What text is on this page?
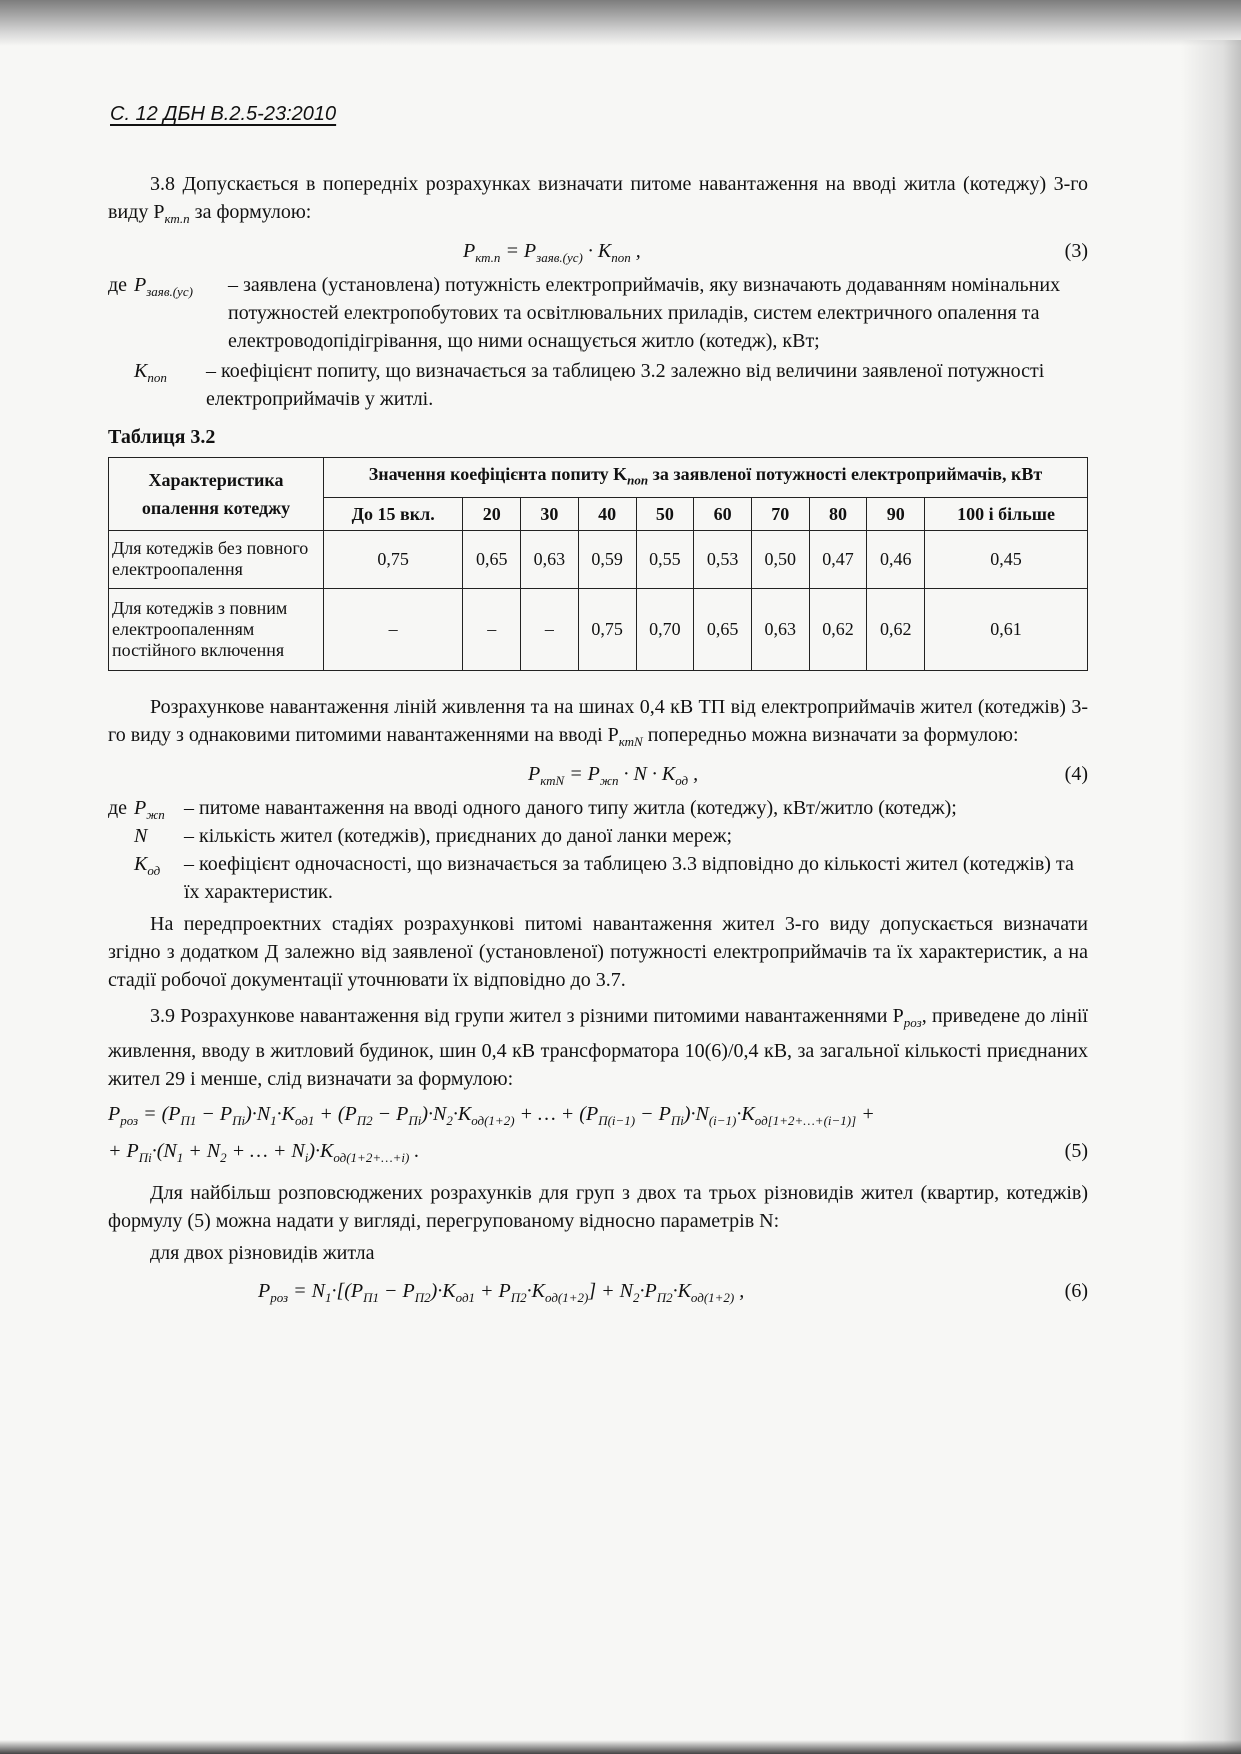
С. 12 ДБН В.2.5-23:2010

3.8 Допускається в попередніх розрахунках визначати питоме навантаження на вводі житла (котеджу) 3-го виду $P_{кт.п}$ за формулою:

$P_{кт.п} = P_{заяв.(ус)} \cdot K_{поп}$ ,	(3)
де $P_{заяв.(ус)}$ – заявлена (установлена) потужність електроприймачів, яку визначають додаванням номінальних потужностей електропобутових та освітлювальних приладів, систем електричного опалення та електроводопідігрівання, що ними оснащується житло (котедж), кВт;
$K_{поп}$ – коефіцієнт попиту, що визначається за таблицею 3.2 залежно від величини заявленої потужності електроприймачів у житлі.
Таблиця 3.2
Характеристика опалення котеджу	Значення коефіцієнта попиту $K_{поп}$ за заявленої потужності електроприймачів, кВт									
	До 15 вкл.	20	30	40	50	60	70	80	90	100 і більше
Для котеджів без повного електроопалення	0,75	0,65	0,63	0,59	0,55	0,53	0,50	0,47	0,46	0,45
Для котеджів з повним електроопаленням постійного включення	–	–	–	0,75	0,70	0,65	0,63	0,62	0,62	0,61

Розрахункове навантаження ліній живлення та на шинах 0,4 кВ ТП від електроприймачів жител (котеджів) 3-го виду з однаковими питомими навантаженнями на вводі $P_{ктN}$ попередньо можна визначати за формулою:

$P_{ктN} = P_{жп} \cdot N \cdot K_{од}$ ,	(4)
де $P_{жп}$ – питоме навантаження на вводі одного даного типу житла (котеджу), кВт/житло (котедж);
N – кількість жител (котеджів), приєднаних до даної ланки мереж;
$K_{од}$ – коефіцієнт одночасності, що визначається за таблицею 3.3 відповідно до кількості жител (котеджів) та їх характеристик.

На передпроектних стадіях розрахункові питомі навантаження жител 3-го виду допускається визначати згідно з додатком Д залежно від заявленої (установленої) потужності електроприймачів та їх характеристик, а на стадії робочої документації уточнювати їх відповідно до 3.7.

3.9 Розрахункове навантаження від групи жител з різними питомими навантаженнями $P_{роз}$, приведене до лінії живлення, вводу в житловий будинок, шин 0,4 кВ трансформатора 10(6)/0,4 кВ, за загальної кількості приєднаних жител 29 і менше, слід визначати за формулою:

$P_{роз} = (P_{П1} - P_{Пi})\cdot N_1\cdot K_{од1} + (P_{П2} - P_{Пi})\cdot N_2\cdot K_{од(1+2)}$ + … + $(P_{П(i-1)} - P_{Пi})\cdot N_{(i-1)}\cdot K_{од[1+2+\dots+(i-1)]}$ +
+ $P_{Пi}\cdot(N_1 + N_2$ + … + $N_i)\cdot K_{од(1+2+\dots+i)}$ .	(5)

Для найбільш розповсюджених розрахунків для груп з двох та трьох різновидів жител (квартир, котеджів) формулу (5) можна надати у вигляді, перегрупованому відносно параметрів N:

для двох різновидів житла

$P_{роз} = N_1\cdot[(P_{П1} - P_{П2})\cdot K_{од1} + P_{П2}\cdot K_{од(1+2)}] + N_2\cdot P_{П2}\cdot K_{од(1+2)}$ ,	(6)
